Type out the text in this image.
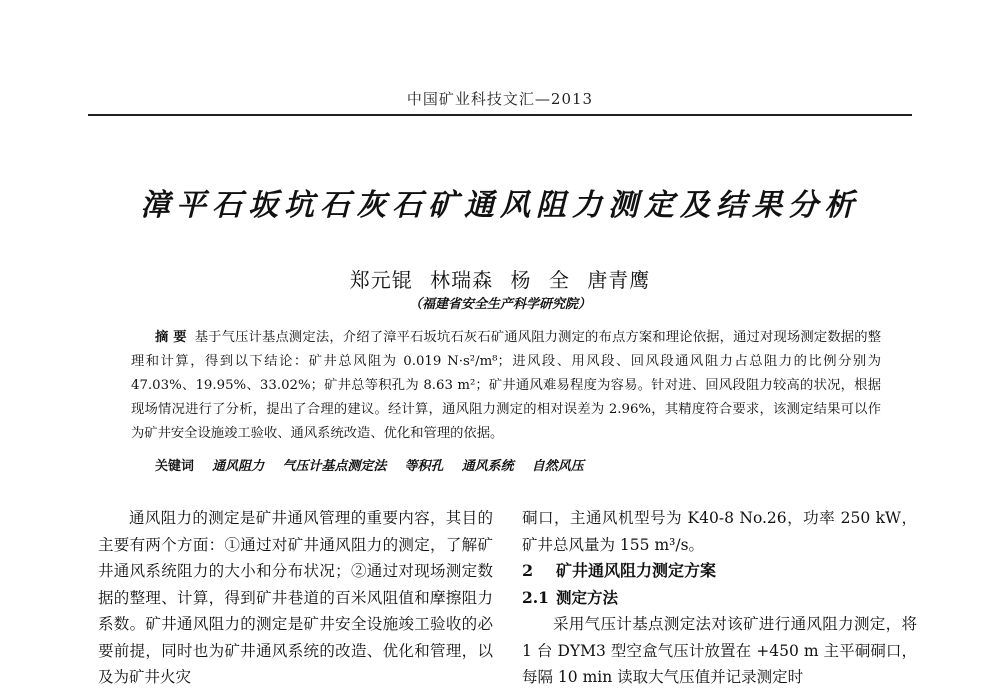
中国矿业科技文汇—2013
漳平石坂坑石灰石矿通风阻力测定及结果分析
郑元锟 林瑞森 杨 全 唐青鹰
（福建省安全生产科学研究院）
摘 要 基于气压计基点测定法，介绍了漳平石坂坑石灰石矿通风阻力测定的布点方案和理论依据，通过对现场测定数据的整理和计算，得到以下结论：矿井总风阻为 0.019 N·s²/m⁸；进风段、用风段、回风段通风阻力占总阻力的比例分别为 47.03%、19.95%、33.02%；矿井总等积孔为 8.63 m²；矿井通风难易程度为容易。针对进、回风段阻力较高的状况，根据现场情况进行了分析，提出了合理的建议。经计算，通风阻力测定的相对误差为 2.96%，其精度符合要求，该测定结果可以作为矿井安全设施竣工验收、通风系统改造、优化和管理的依据。
关键词 通风阻力 气压计基点测定法 等积孔 通风系统 自然风压

通风阻力的测定是矿井通风管理的重要内容，其目的主要有两个方面：①通过对矿井通风阻力的测定，了解矿井通风系统阻力的大小和分布状况；②通过对现场测定数据的整理、计算，得到矿井巷道的百米风阻值和摩擦阻力系数。矿井通风阻力的测定是矿井安全设施竣工验收的必要前提，同时也为矿井通风系统的改造、优化和管理，以及为矿井火灾

硐口，主通风机型号为 K40-8 No.26，功率 250 kW，矿井总风量为 155 m³/s。

2 矿井通风阻力测定方案
2.1 测定方法

采用气压计基点测定法对该矿进行通风阻力测定，将 1 台 DYM3 型空盒气压计放置在 +450 m 主平硐硐口，每隔 10 min 读取大气压值并记录测定时
